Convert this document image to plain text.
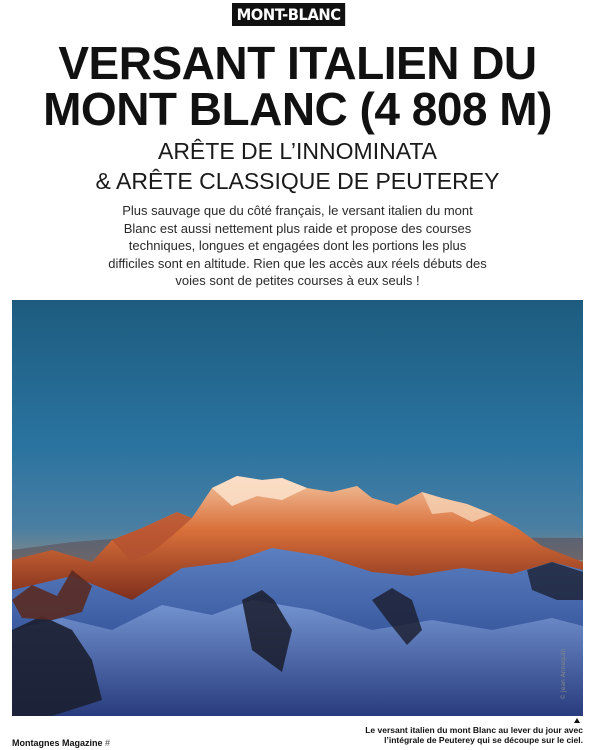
MONT-BLANC
VERSANT ITALIEN DU
MONT BLANC (4 808 M)
ARÊTE DE L’INNOMINATA
& ARÊTE CLASSIQUE DE PEUTEREY
Plus sauvage que du côté français, le versant italien du mont Blanc est aussi nettement plus raide et propose des courses techniques, longues et engagées dont les portions les plus difficiles sont en altitude. Rien que les accès aux réels débuts des voies sont de petites courses à eux seuls !
© Jean Annequin
Le versant italien du mont Blanc au lever du jour avec
l’intégrale de Peuterey qui se découpe sur le ciel.
Montagnes Magazine #
